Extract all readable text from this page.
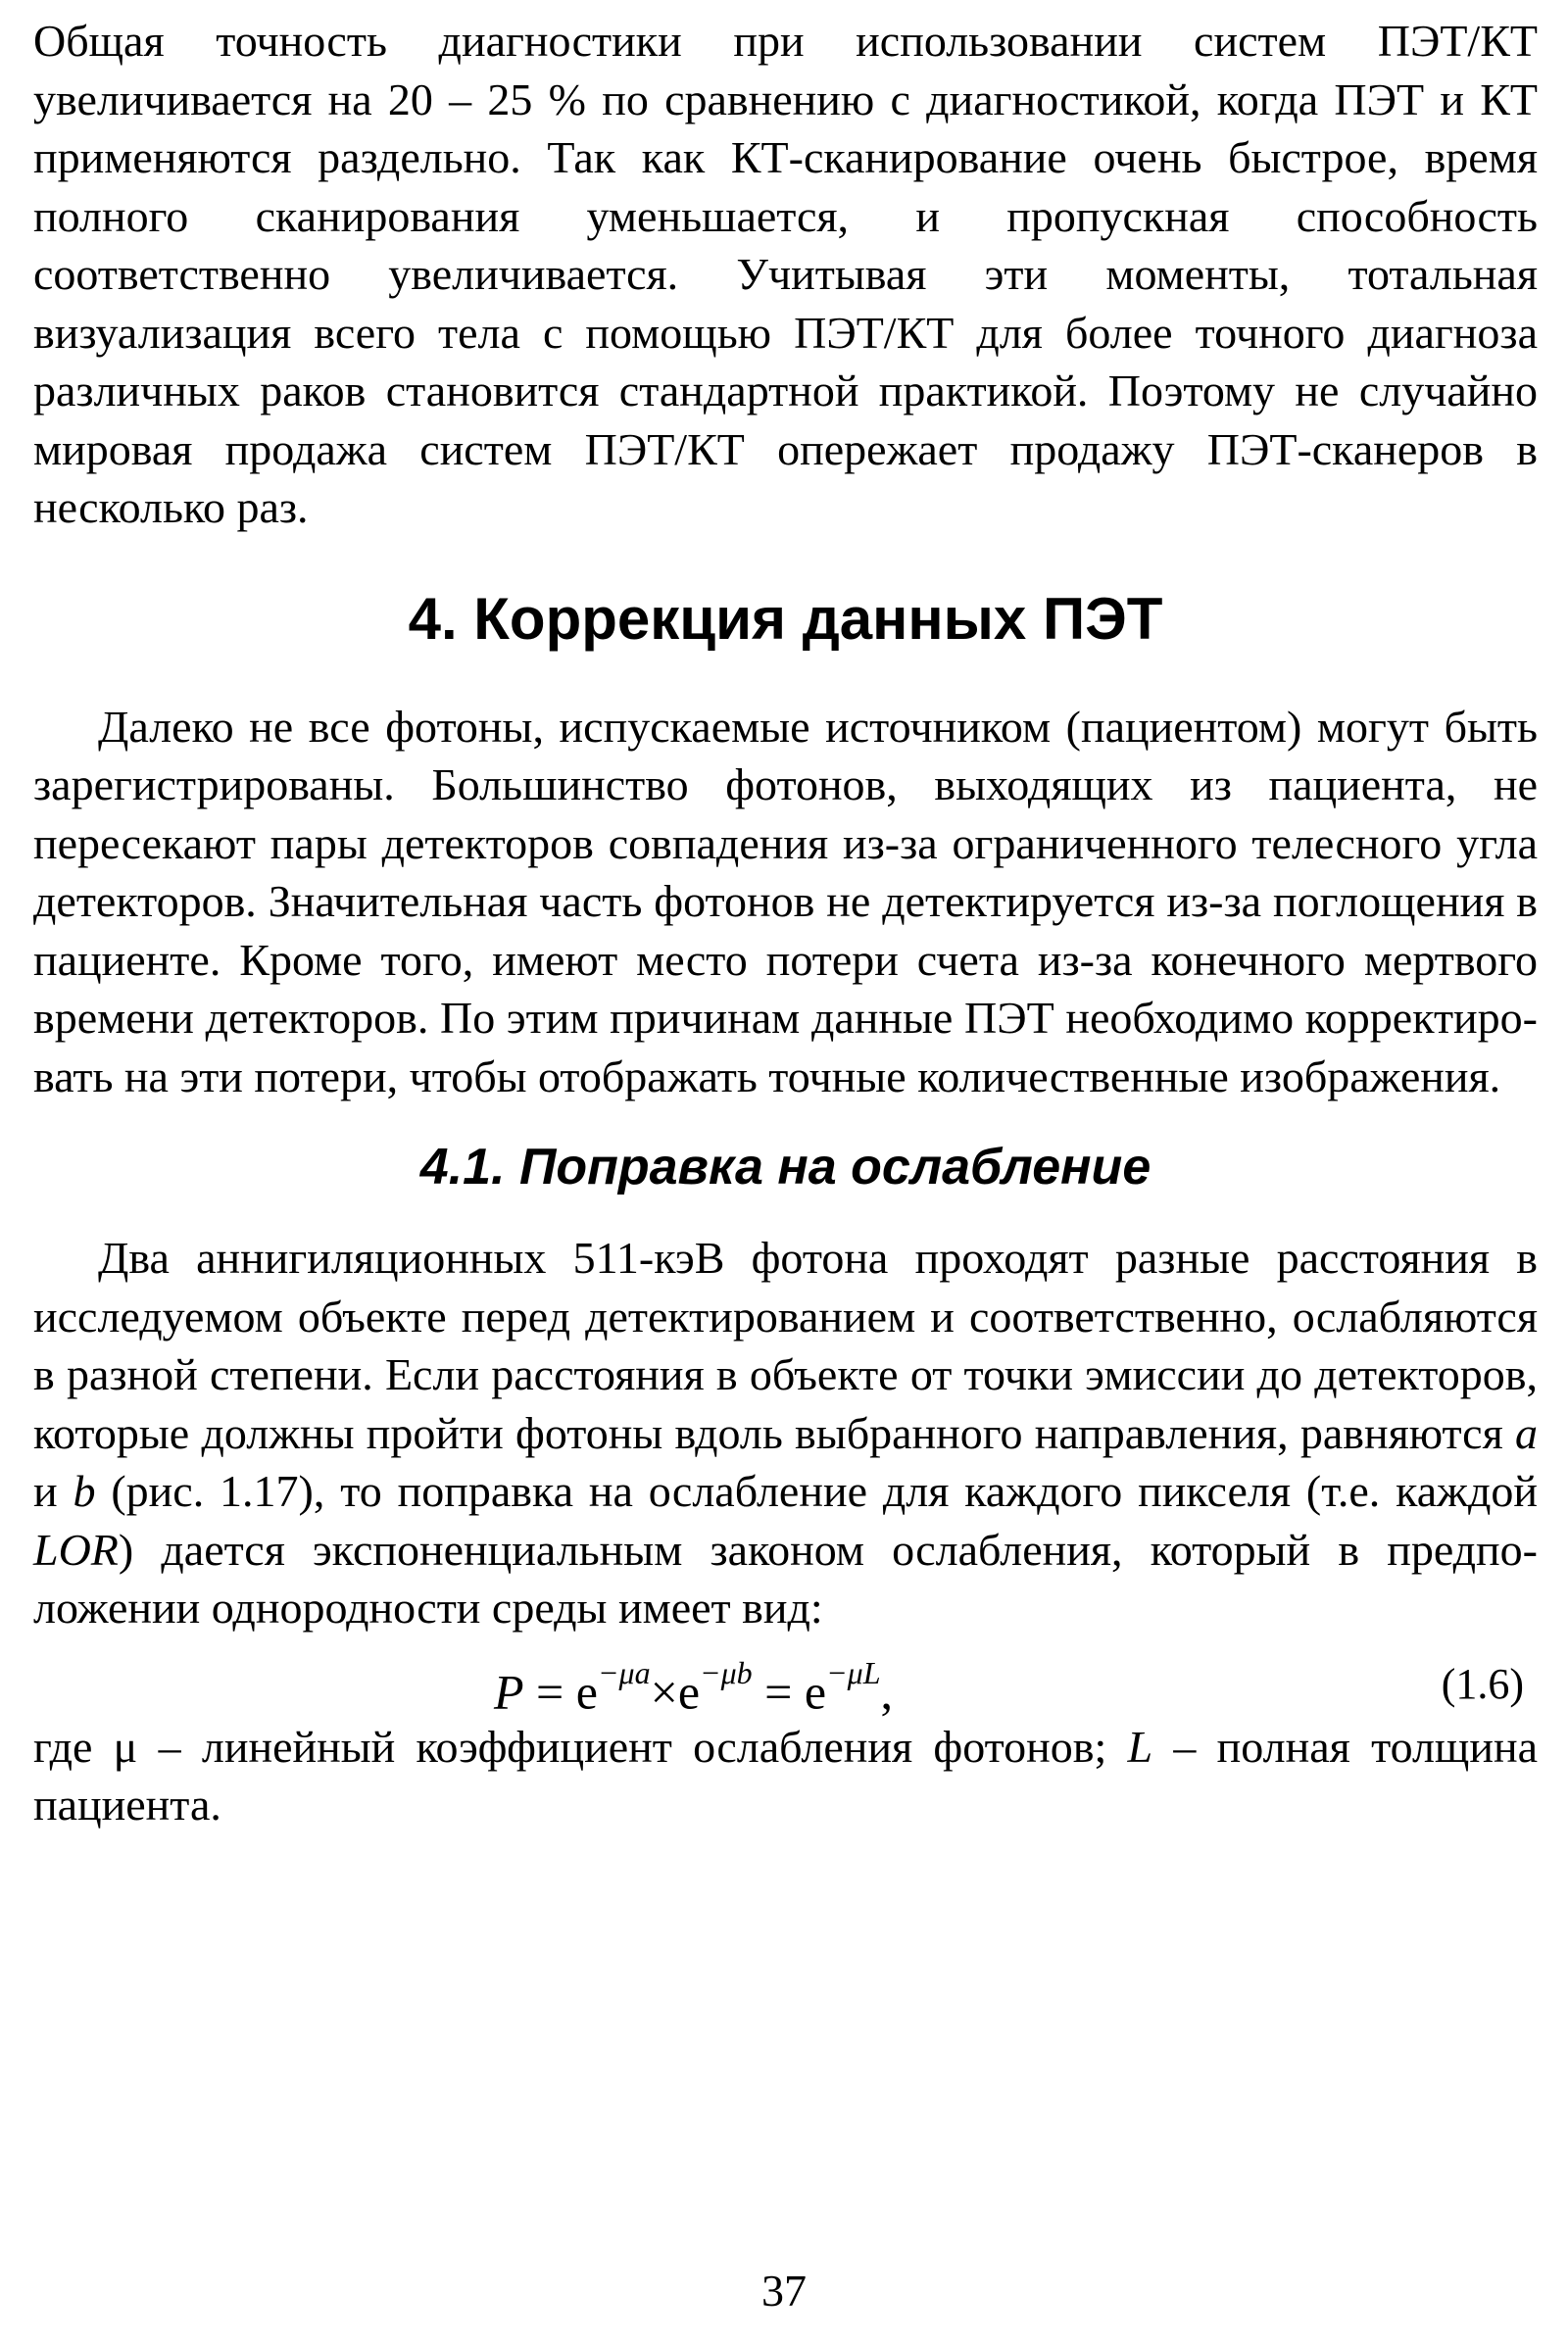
Общая точность диагностики при использовании систем ПЭТ/КТ увеличивается на 20 – 25 % по сравнению с диагностикой, когда ПЭТ и КТ применяются раздельно. Так как КТ-сканирование очень быстрое, время полного сканирования уменьшается, и пропускная способность соответственно увеличивается. Учитывая эти моменты, тотальная визуализация всего тела с помощью ПЭТ/КТ для более точного диагноза различных раков становится стандартной практикой. Поэтому не случайно мировая продажа систем ПЭТ/КТ опережает продажу ПЭТ-сканеров в несколько раз.

4. Коррекция данных ПЭТ

Далеко не все фотоны, испускаемые источником (пациентом) могут быть зарегистрированы. Большинство фотонов, выходящих из пациента, не пересекают пары детекторов совпадения из-за ограниченного телесного угла детекторов. Значительная часть фотонов не детектируется из-за поглощения в пациенте. Кроме того, имеют место потери счета из-за конечного мертвого времени детекторов. По этим причинам данные ПЭТ необходимо корректировать на эти потери, чтобы отображать точные количественные изображения.

4.1. Поправка на ослабление

Два аннигиляционных 511-кэВ фотона проходят разные расстояния в исследуемом объекте перед детектированием и соответственно, ослабляются в разной степени. Если расстояния в объекте от точки эмиссии до детекторов, которые должны пройти фотоны вдоль выбранного направления, равняются a и b (рис. 1.17), то поправка на ослабление для каждого пикселя (т.е. каждой LOR) дается экспоненциальным законом ослабления, который в предположении однородности среды имеет вид:

$P = e^{-\mu a}\times e^{-\mu b} = e^{-\mu L}$,	(1.6)

где μ – линейный коэффициент ослабления фотонов; L – полная толщина пациента.

37
